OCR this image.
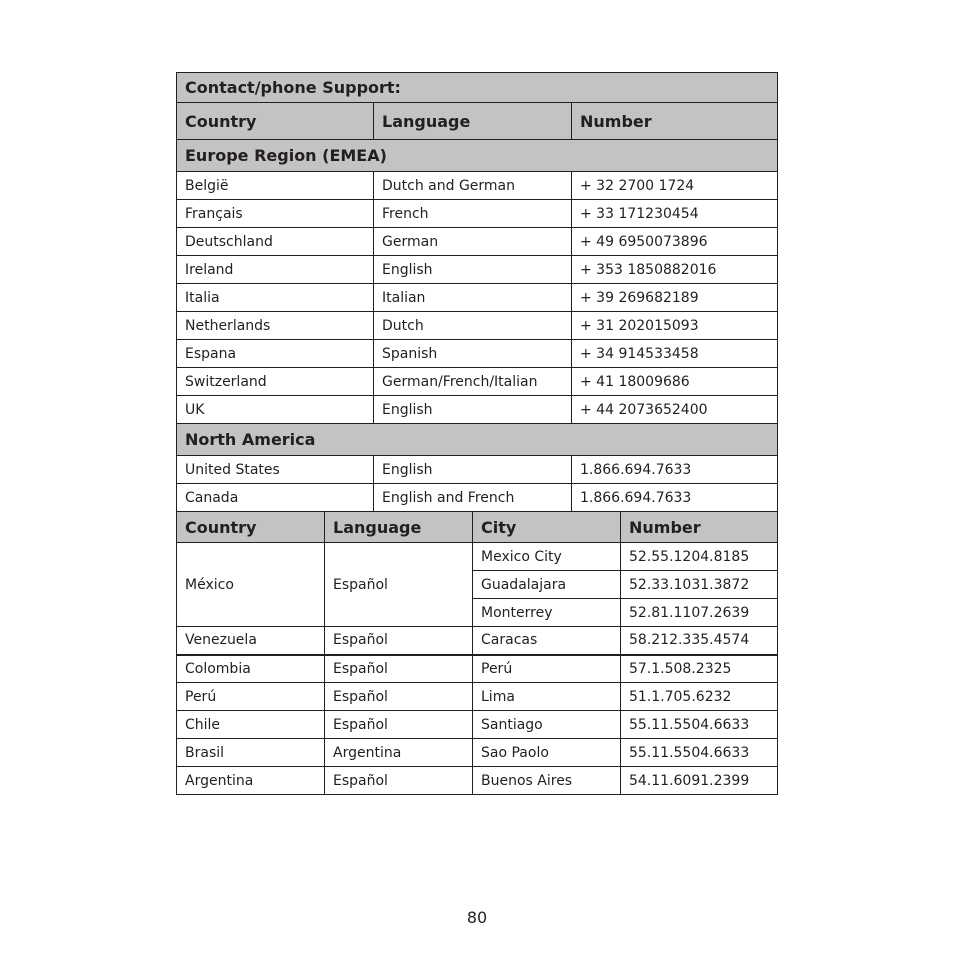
Contact/phone Support:					
Country		Language		Number	
Europe Region (EMEA)					
België		Dutch and German		+ 32 2700 1724	
Français		French		+ 33 171230454	
Deutschland		German		+ 49 6950073896	
Ireland		English		+ 353 1850882016	
Italia		Italian		+ 39 269682189	
Netherlands		Dutch		+ 31 202015093	
Espana		Spanish		+ 34 914533458	
Switzerland		German/French/Italian		+ 41 18009686	
UK		English		+ 44 2073652400	
North America					
United States		English		1.866.694.7633	
Canada		English and French		1.866.694.7633	
Country	Language		City		Number
México	Español		Mexico City		52.55.1204.8185
			Guadalajara		52.33.1031.3872
			Monterrey		52.81.1107.2639
Venezuela	Español		Caracas		58.212.335.4574
Colombia	Español		Perú		57.1.508.2325
Perú	Español		Lima		51.1.705.6232
Chile	Español		Santiago		55.11.5504.6633
Brasil	Argentina		Sao Paolo		55.11.5504.6633
Argentina	Español		Buenos Aires		54.11.6091.2399
80
